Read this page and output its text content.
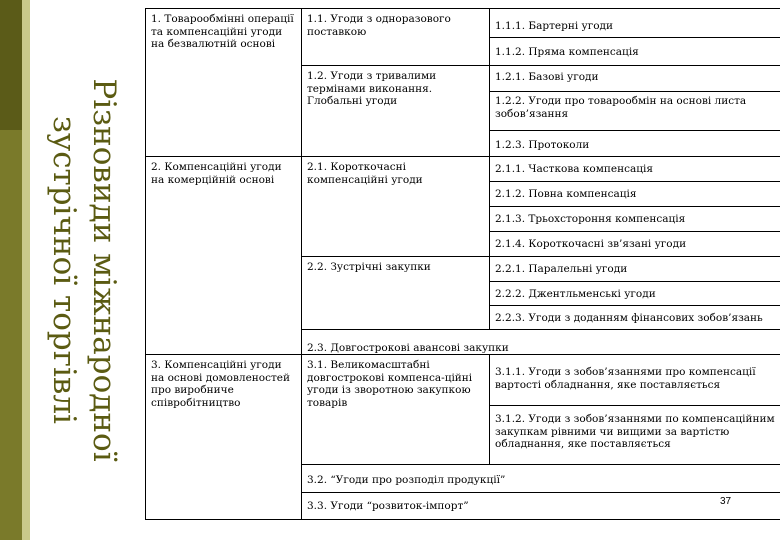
Різновиди міжнародної зустрічної торгівлі
1. Товарообмінні операції та компенсаційні угоди на безвалютній основі
2. Компенсаційні угоди на комерційній основі
3. Компенсаційні угоди на основі домовленостей про виробниче співробітництво
1.1. Угоди з одноразового поставкою
1.2. Угоди з тривалими термінами виконання. Глобальні угоди
2.1. Короткочасні компенсаційні угоди
2.2. Зустрічні закупки
2.3. Довгострокові авансові закупки
3.1. Великомасштабні довгострокові компенса-ційні угоди із зворотною закупкою товарів
3.2. “Угоди про розподіл продукції”
3.3. Угоди “розвиток-імпорт”
1.1.1. Бартерні угоди
1.1.2. Пряма компенсація
1.2.1. Базові угоди
1.2.2. Угоди про товарообмін на основі листа зобов’язання
1.2.3. Протоколи
2.1.1. Часткова компенсація
2.1.2. Повна компенсація
2.1.3. Трьохстороння компенсація
2.1.4. Короткочасні зв’язані угоди
2.2.1. Паралельні угоди
2.2.2. Джентльменські угоди
2.2.3. Угоди з доданням фінансових зобов’язань
3.1.1. Угоди з зобов’язаннями про компенсації вартості обладнання, яке поставляється
3.1.2. Угоди з зобов’язаннями по компенсаційним закупкам рівними чи вищими за вартістю обладнання, яке поставляється
37
